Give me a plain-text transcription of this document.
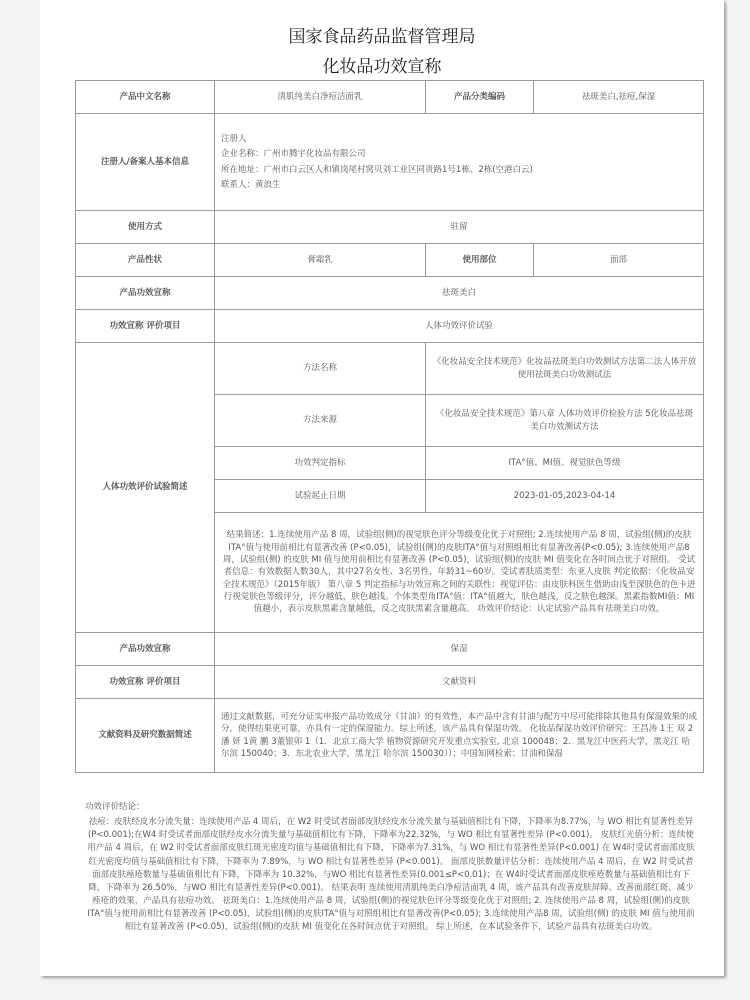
国家食品药品监督管理局
化妆品功效宣称
产品中文名称	清肌纯美白净痘洁面乳	产品分类编码	祛斑美白,祛痘,保湿
注册人/备案人基本信息	注册人
企业名称：广州市腾宇化妆品有限公司
所在地址：广州市白云区人和镇岗尾村窝贝刘工业区同贵路1号1栋、2栋(空港白云)
联系人：黄浪生		

使用方式	驻留		
产品性状	膏霜乳	使用部位	面部
产品功效宣称	祛斑美白		
功效宣称 评价项目	人体功效评价试验		
人体功效评价试验简述	方法名称	《化妆品安全技术规范》化妆品祛斑美白功效测试方法第二法人体开放使用祛斑美白功效测试法	
	方法来源	《化妆品安全技术规范》第八章 人体功效评价检验方法 5化妆品祛斑美白功效测试方法	
	功效判定指标	ITA°值、MI值、视觉肤色等级	
	试验起止日期	2023-01-05,2023-04-14	
	结果简述：1.连续使用产品 8 周，试验组(侧)的视觉肤色评分等级变化优于对照组; 2.连续使用产品 8 周，试验组(侧)的皮肤ITA°值与使用前相比有显著改善 (P<0.05)，试验组(侧)的皮肤ITA°值与对照组相比有显著改善(P<0.05); 3.连续使用产品8 周，试验组(侧) 的皮肤 MI 值与使用前相比有显著改善 (P<0.05)，试验组(侧)的皮肤 MI 值变化在各时间点优于对照组。 受试者信息：有效数据人数30人，其中27名女性、3名男性，年龄31~60岁。受试者肤质类型：东亚人皮肤 判定依据：《化妆品安全技术规范》（2015年版） 第八章 5 判定指标与功效宣称之间的关联性：视觉评估：由皮肤科医生借助由浅至深肤色的色卡进行视觉肤色等级评分，评分越低，肤色越浅。个体类型角ITA°值：ITA°值越大，肤色越浅，反之肤色越深。黑素指数MI值：MI值越小，表示皮肤黑素含量越低，反之皮肤黑素含量越高。 功效评价结论：认定试验产品具有祛斑美白功效。		
产品功效宣称	保湿		
功效宣称 评价项目	文献资料		
文献资料及研究数据简述	通过文献数据，可充分证实申报产品功效成分（甘油）的有效性，本产品中含有甘油与配方中尽可能排除其他具有保湿效果的成分，使得结果更可靠，亦具有一定的保湿能力。综上所述，该产品具有保湿功效。 化妆品保湿功效评价研究：王昌涛 1王 双 2潘 妍 1黄 鹏 3董银卯 1（1．北京工商大学 植物资源研究开发重点实验室, 北京 100048；2．黑龙江中医药大学，黑龙江 哈尔滨 150040；3．东北农业大学，黑龙江 哈尔滨 150030））；中国知网检索：甘油和保湿		
功效评价结论：
祛痘：皮肤经皮水分流失量：连续使用产品 4 周后，在 W2 时受试者面部皮肤经皮水分流失量与基础值相比有下降，下降率为8.77%，与 WO 相比有显著性差异 (P<0.001);在W4 时受试者面部皮肤经皮水分流失量与基础值相比有下降，下降率为22.32%，与 WO 相比有显著性差异 (P<0.001)。 皮肤红光值分析：连续使用产品 4 周后，在 W2 时受试者面部皮肤红斑光密度均值与基础值相比有下降，下降率为7.31%，与 WO 相比有显著性差异(P<0.001) 在 W4时受试者面部皮肤红光密度均值与基础值相比有下降，下降率为 7.89%，与 WO 相比有显著性差异 (P<0.001)。 面部皮肤数量评估分析：连续使用产品 4 周后，在 W2 时受试者面部皮肤痤疮数量与基础值相比有下降，下降率为 10.32%，与WO 相比有显著性差异(0.001≤P<0.01)；在 W4时受试者面部皮肤痤疮数量与基础值相比有下降，下降率为 26.50%，与WO 相比有显著性差异(P<0.001)。 结果表明 连续使用清肌纯美白净痘洁面乳 4 周，该产品具有改善皮肤屏障、改善面部红斑、减少痤疮的效果，产品具有祛痘功效。 祛斑美白：1.连续使用产品 8 周，试验组(侧)的视觉肤色评分等级变化优于对照组; 2. 连续使用产品 8 周，试验组(侧)的皮肤ITA°值与使用前相比有显著改善 (P<0.05)，试验组(侧)的皮肤ITA°值与对照组相比有显著改善(P<0.05); 3.连续使用产品8 周，试验组(侧) 的皮肤 MI 值与使用前相比有显著改善 (P<0.05)，试验组(侧)的皮肤 MI 值变化在各时间点优于对照组。 综上所述，在本试验条件下，试验产品具有祛斑美白功效。
